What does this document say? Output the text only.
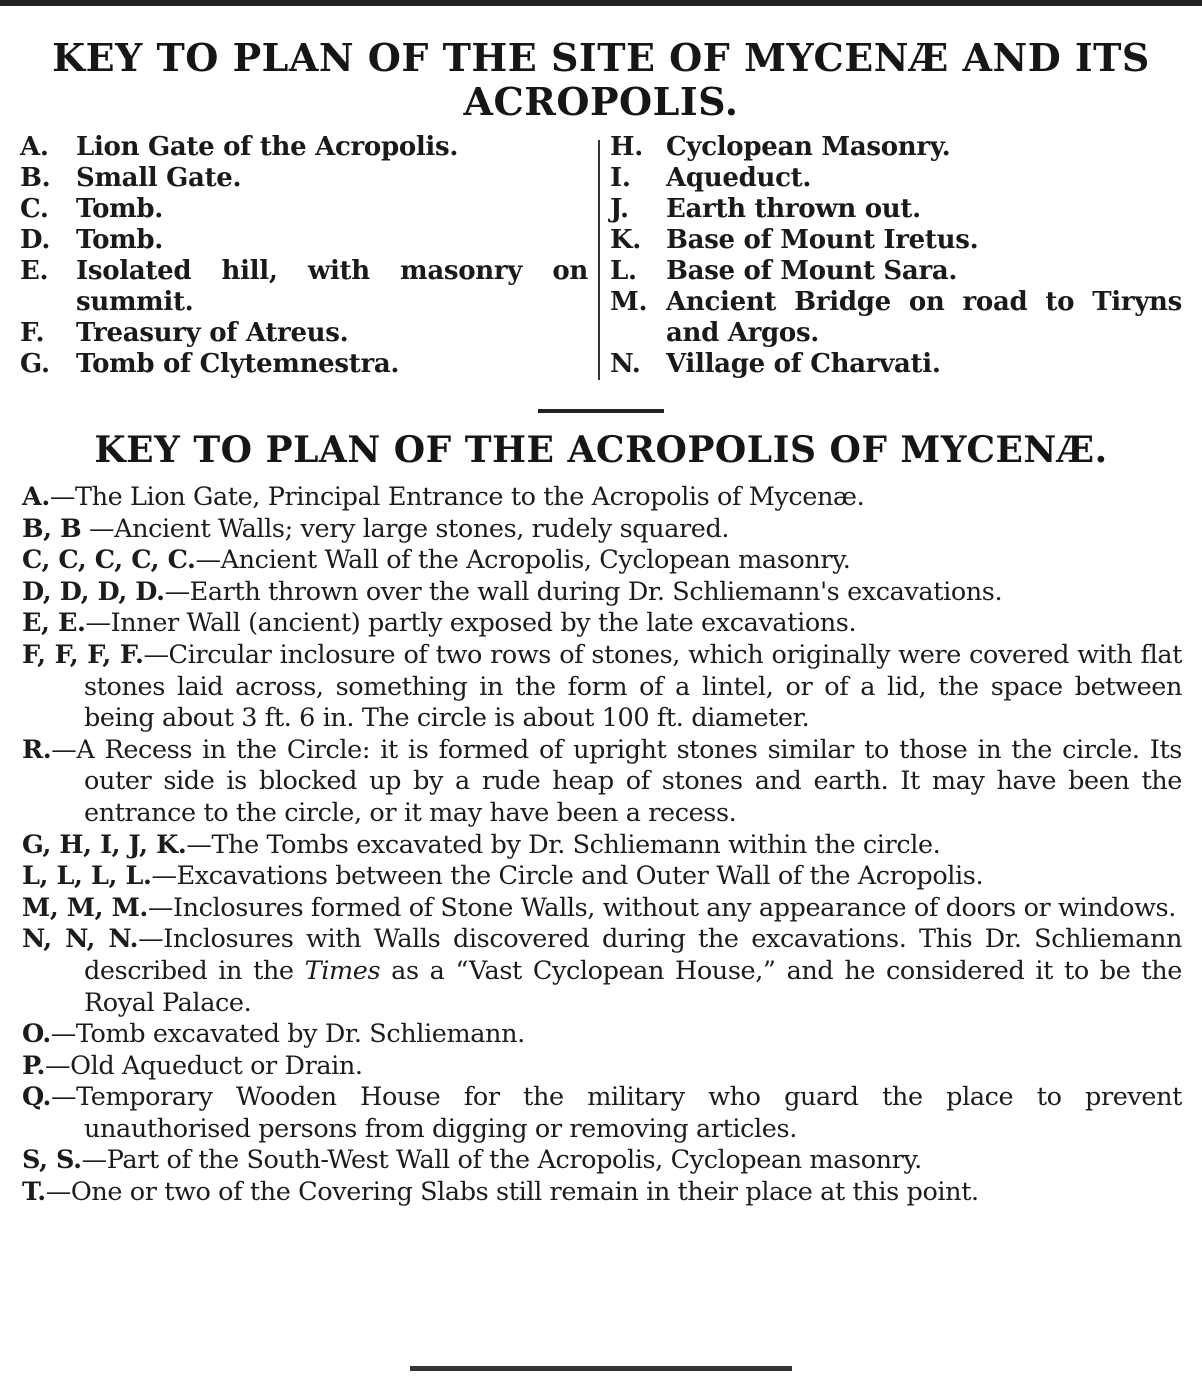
KEY TO PLAN OF THE SITE OF MYCENÆ AND ITS ACROPOLIS.
A.	Lion Gate of the Acropolis.
B. Small Gate.
C.	Tomb.
D. Tomb.
E.	Isolated hill, with masonry on summit.
F.	Treasury of Atreus.
G.	Tomb of Clytemnestra.
H. Cyclopean Masonry.
I.	Aqueduct.
J.	Earth thrown out.
K. Base of Mount Iretus.
L.	Base of Mount Sara.
M. Ancient Bridge on road to Tiryns and Argos.
N. Village of Charvati.
KEY TO PLAN OF THE ACROPOLIS OF MYCENÆ.
A.—The Lion Gate, Principal Entrance to the Acropolis of Mycenæ.
B, B —Ancient Walls; very large stones, rudely squared.
C, C, C, C, C.—Ancient Wall of the Acropolis, Cyclopean masonry.
D, D, D, D.—Earth thrown over the wall during Dr. Schliemann's excavations.
E, E.—Inner Wall (ancient) partly exposed by the late excavations.
F, F, F, F.—Circular inclosure of two rows of stones, which originally were covered with flat stones laid across, something in the form of a lintel, or of a lid, the space between being about 3 ft. 6 in. The circle is about 100 ft. diameter.
R.—A Recess in the Circle: it is formed of upright stones similar to those in the circle. Its outer side is blocked up by a rude heap of stones and earth. It may have been the entrance to the circle, or it may have been a recess.
G, H, I, J, K.—The Tombs excavated by Dr. Schliemann within the circle.
L, L, L, L.—Excavations between the Circle and Outer Wall of the Acropolis.
M, M, M.—Inclosures formed of Stone Walls, without any appearance of doors or windows.
N, N, N.—Inclosures with Walls discovered during the excavations. This Dr. Schliemann described in the Times as a “Vast Cyclopean House,” and he considered it to be the Royal Palace.
O.—Tomb excavated by Dr. Schliemann.
P.—Old Aqueduct or Drain.
Q.—Temporary Wooden House for the military who guard the place to prevent unauthorised persons from digging or removing articles.
S, S.—Part of the South-West Wall of the Acropolis, Cyclopean masonry.
T.—One or two of the Covering Slabs still remain in their place at this point.
